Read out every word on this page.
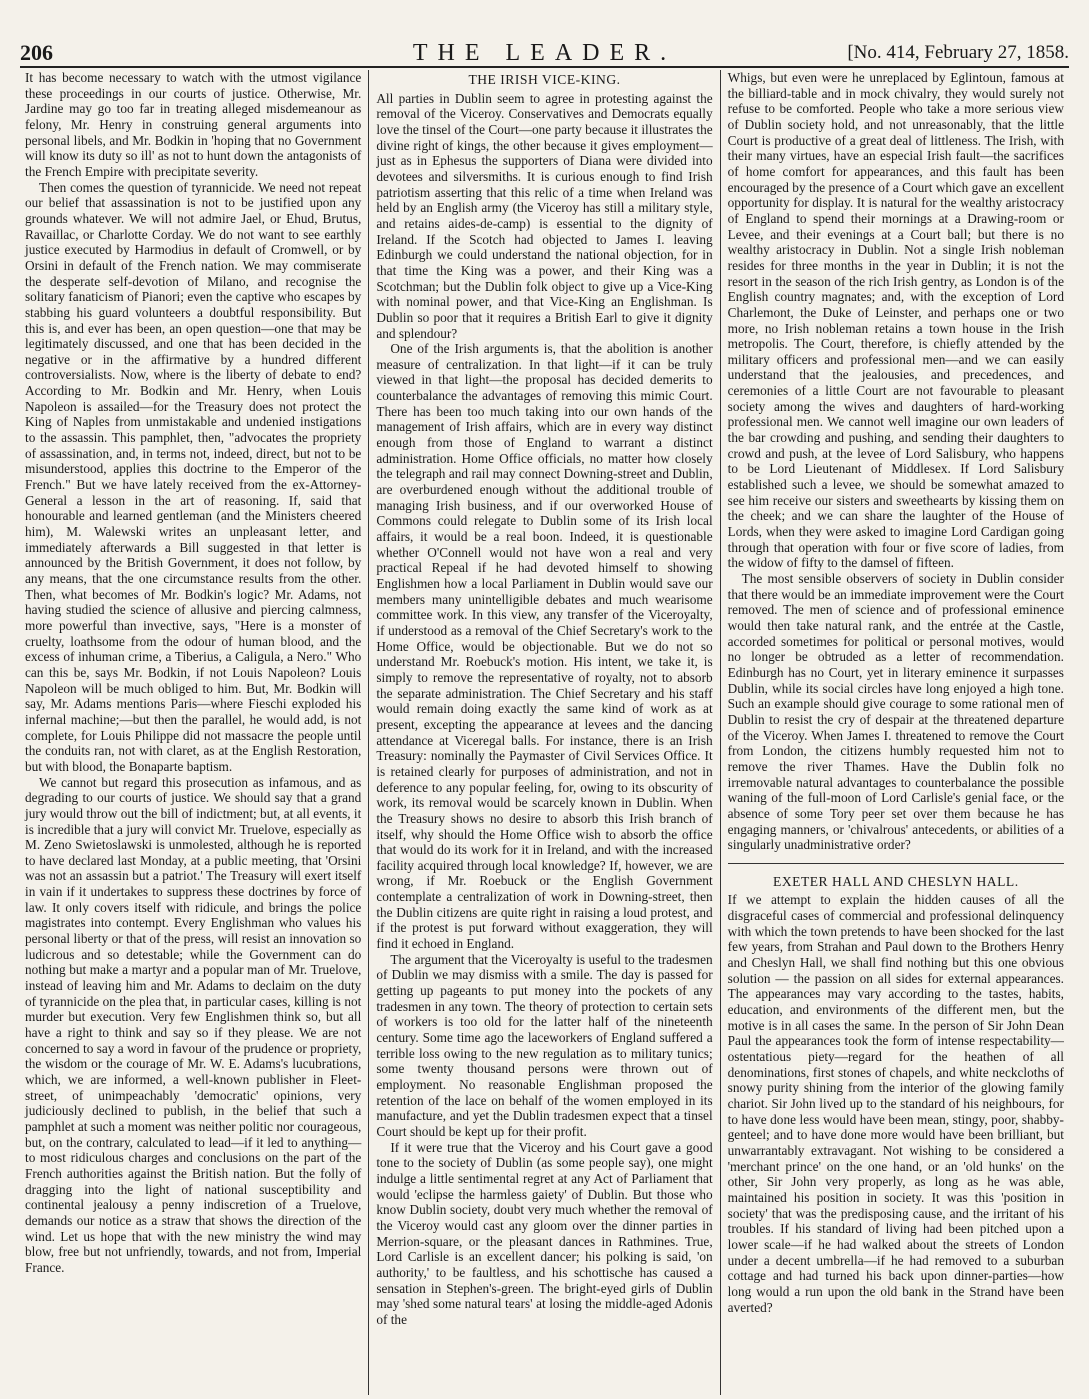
206	THE LEADER.	[No. 414, February 27, 1858.

It has become necessary to watch with the utmost vigilance these proceedings in our courts of justice. Otherwise, Mr. Jardine may go too far in treating alleged misdemeanour as felony, Mr. Henry in construing general arguments into personal libels, and Mr. Bodkin in 'hoping that no Government will know its duty so ill' as not to hunt down the antagonists of the French Empire with precipitate severity.

Then comes the question of tyrannicide. We need not repeat our belief that assassination is not to be justified upon any grounds whatever. We will not admire Jael, or Ehud, Brutus, Ravaillac, or Charlotte Corday. We do not want to see earthly justice executed by Harmodius in default of Cromwell, or by Orsini in default of the French nation. We may commiserate the desperate self-devotion of Milano, and recognise the solitary fanaticism of Pianori; even the captive who escapes by stabbing his guard volunteers a doubtful responsibility. But this is, and ever has been, an open question—one that may be legitimately discussed, and one that has been decided in the negative or in the affirmative by a hundred different controversialists. Now, where is the liberty of debate to end? According to Mr. Bodkin and Mr. Henry, when Louis Napoleon is assailed—for the Treasury does not protect the King of Naples from unmistakable and undenied instigations to the assassin. This pamphlet, then, "advocates the propriety of assassination, and, in terms not, indeed, direct, but not to be misunderstood, applies this doctrine to the Emperor of the French." But we have lately received from the ex-Attorney-General a lesson in the art of reasoning. If, said that honourable and learned gentleman (and the Ministers cheered him), M. Walewski writes an unpleasant letter, and immediately afterwards a Bill suggested in that letter is announced by the British Government, it does not follow, by any means, that the one circumstance results from the other. Then, what becomes of Mr. Bodkin's logic? Mr. Adams, not having studied the science of allusive and piercing calmness, more powerful than invective, says, "Here is a monster of cruelty, loathsome from the odour of human blood, and the excess of inhuman crime, a Tiberius, a Caligula, a Nero." Who can this be, says Mr. Bodkin, if not Louis Napoleon? Louis Napoleon will be much obliged to him. But, Mr. Bodkin will say, Mr. Adams mentions Paris—where Fieschi exploded his infernal machine;—but then the parallel, he would add, is not complete, for Louis Philippe did not massacre the people until the conduits ran, not with claret, as at the English Restoration, but with blood, the Bonaparte baptism.

We cannot but regard this prosecution as infamous, and as degrading to our courts of justice. We should say that a grand jury would throw out the bill of indictment; but, at all events, it is incredible that a jury will convict Mr. Truelove, especially as M. Zeno Swietoslawski is unmolested, although he is reported to have declared last Monday, at a public meeting, that 'Orsini was not an assassin but a patriot.' The Treasury will exert itself in vain if it undertakes to suppress these doctrines by force of law. It only covers itself with ridicule, and brings the police magistrates into contempt. Every Englishman who values his personal liberty or that of the press, will resist an innovation so ludicrous and so detestable; while the Government can do nothing but make a martyr and a popular man of Mr. Truelove, instead of leaving him and Mr. Adams to declaim on the duty of tyrannicide on the plea that, in particular cases, killing is not murder but execution. Very few Englishmen think so, but all have a right to think and say so if they please. We are not concerned to say a word in favour of the prudence or propriety, the wisdom or the courage of Mr. W. E. Adams's lucubrations, which, we are informed, a well-known publisher in Fleet-street, of unimpeachably 'democratic' opinions, very judiciously declined to publish, in the belief that such a pamphlet at such a moment was neither politic nor courageous, but, on the contrary, calculated to lead—if it led to anything—to most ridiculous charges and conclusions on the part of the French authorities against the British nation. But the folly of dragging into the light of national susceptibility and continental jealousy a penny indiscretion of a Truelove, demands our notice as a straw that shows the direction of the wind. Let us hope that with the new ministry the wind may blow, free but not unfriendly, towards, and not from, Imperial France.

THE IRISH VICE-KING.

All parties in Dublin seem to agree in protesting against the removal of the Viceroy. Conservatives and Democrats equally love the tinsel of the Court—one party because it illustrates the divine right of kings, the other because it gives employment—just as in Ephesus the supporters of Diana were divided into devotees and silversmiths. It is curious enough to find Irish patriotism asserting that this relic of a time when Ireland was held by an English army (the Viceroy has still a military style, and retains aides-de-camp) is essential to the dignity of Ireland. If the Scotch had objected to James I. leaving Edinburgh we could understand the national objection, for in that time the King was a power, and their King was a Scotchman; but the Dublin folk object to give up a Vice-King with nominal power, and that Vice-King an Englishman. Is Dublin so poor that it requires a British Earl to give it dignity and splendour?

One of the Irish arguments is, that the abolition is another measure of centralization. In that light—if it can be truly viewed in that light—the proposal has decided demerits to counterbalance the advantages of removing this mimic Court. There has been too much taking into our own hands of the management of Irish affairs, which are in every way distinct enough from those of England to warrant a distinct administration. Home Office officials, no matter how closely the telegraph and rail may connect Downing-street and Dublin, are overburdened enough without the additional trouble of managing Irish business, and if our overworked House of Commons could relegate to Dublin some of its Irish local affairs, it would be a real boon. Indeed, it is questionable whether O'Connell would not have won a real and very practical Repeal if he had devoted himself to showing Englishmen how a local Parliament in Dublin would save our members many unintelligible debates and much wearisome committee work. In this view, any transfer of the Viceroyalty, if understood as a removal of the Chief Secretary's work to the Home Office, would be objectionable. But we do not so understand Mr. Roebuck's motion. His intent, we take it, is simply to remove the representative of royalty, not to absorb the separate administration. The Chief Secretary and his staff would remain doing exactly the same kind of work as at present, excepting the appearance at levees and the dancing attendance at Viceregal balls. For instance, there is an Irish Treasury: nominally the Paymaster of Civil Services Office. It is retained clearly for purposes of administration, and not in deference to any popular feeling, for, owing to its obscurity of work, its removal would be scarcely known in Dublin. When the Treasury shows no desire to absorb this Irish branch of itself, why should the Home Office wish to absorb the office that would do its work for it in Ireland, and with the increased facility acquired through local knowledge? If, however, we are wrong, if Mr. Roebuck or the English Government contemplate a centralization of work in Downing-street, then the Dublin citizens are quite right in raising a loud protest, and if the protest is put forward without exaggeration, they will find it echoed in England.

The argument that the Viceroyalty is useful to the tradesmen of Dublin we may dismiss with a smile. The day is passed for getting up pageants to put money into the pockets of any tradesmen in any town. The theory of protection to certain sets of workers is too old for the latter half of the nineteenth century. Some time ago the laceworkers of England suffered a terrible loss owing to the new regulation as to military tunics; some twenty thousand persons were thrown out of employment. No reasonable Englishman proposed the retention of the lace on behalf of the women employed in its manufacture, and yet the Dublin tradesmen expect that a tinsel Court should be kept up for their profit.

If it were true that the Viceroy and his Court gave a good tone to the society of Dublin (as some people say), one might indulge a little sentimental regret at any Act of Parliament that would 'eclipse the harmless gaiety' of Dublin. But those who know Dublin society, doubt very much whether the removal of the Viceroy would cast any gloom over the dinner parties in Merrion-square, or the pleasant dances in Rathmines. True, Lord Carlisle is an excellent dancer; his polking is said, 'on authority,' to be faultless, and his schottische has caused a sensation in Stephen's-green. The bright-eyed girls of Dublin may 'shed some natural tears' at losing the middle-aged Adonis of the

Whigs, but even were he unreplaced by Eglintoun, famous at the billiard-table and in mock chivalry, they would surely not refuse to be comforted. People who take a more serious view of Dublin society hold, and not unreasonably, that the little Court is productive of a great deal of littleness. The Irish, with their many virtues, have an especial Irish fault—the sacrifices of home comfort for appearances, and this fault has been encouraged by the presence of a Court which gave an excellent opportunity for display. It is natural for the wealthy aristocracy of England to spend their mornings at a Drawing-room or Levee, and their evenings at a Court ball; but there is no wealthy aristocracy in Dublin. Not a single Irish nobleman resides for three months in the year in Dublin; it is not the resort in the season of the rich Irish gentry, as London is of the English country magnates; and, with the exception of Lord Charlemont, the Duke of Leinster, and perhaps one or two more, no Irish nobleman retains a town house in the Irish metropolis. The Court, therefore, is chiefly attended by the military officers and professional men—and we can easily understand that the jealousies, and precedences, and ceremonies of a little Court are not favourable to pleasant society among the wives and daughters of hard-working professional men. We cannot well imagine our own leaders of the bar crowding and pushing, and sending their daughters to crowd and push, at the levee of Lord Salisbury, who happens to be Lord Lieutenant of Middlesex. If Lord Salisbury established such a levee, we should be somewhat amazed to see him receive our sisters and sweethearts by kissing them on the cheek; and we can share the laughter of the House of Lords, when they were asked to imagine Lord Cardigan going through that operation with four or five score of ladies, from the widow of fifty to the damsel of fifteen.

The most sensible observers of society in Dublin consider that there would be an immediate improvement were the Court removed. The men of science and of professional eminence would then take natural rank, and the entrée at the Castle, accorded sometimes for political or personal motives, would no longer be obtruded as a letter of recommendation. Edinburgh has no Court, yet in literary eminence it surpasses Dublin, while its social circles have long enjoyed a high tone. Such an example should give courage to some rational men of Dublin to resist the cry of despair at the threatened departure of the Viceroy. When James I. threatened to remove the Court from London, the citizens humbly requested him not to remove the river Thames. Have the Dublin folk no irremovable natural advantages to counterbalance the possible waning of the full-moon of Lord Carlisle's genial face, or the absence of some Tory peer set over them because he has engaging manners, or 'chivalrous' antecedents, or abilities of a singularly unadministrative order?

EXETER HALL AND CHESLYN HALL.

If we attempt to explain the hidden causes of all the disgraceful cases of commercial and professional delinquency with which the town pretends to have been shocked for the last few years, from Strahan and Paul down to the Brothers Henry and Cheslyn Hall, we shall find nothing but this one obvious solution — the passion on all sides for external appearances. The appearances may vary according to the tastes, habits, education, and environments of the different men, but the motive is in all cases the same. In the person of Sir John Dean Paul the appearances took the form of intense respectability—ostentatious piety—regard for the heathen of all denominations, first stones of chapels, and white neckcloths of snowy purity shining from the interior of the glowing family chariot. Sir John lived up to the standard of his neighbours, for to have done less would have been mean, stingy, poor, shabby-genteel; and to have done more would have been brilliant, but unwarrantably extravagant. Not wishing to be considered a 'merchant prince' on the one hand, or an 'old hunks' on the other, Sir John very properly, as long as he was able, maintained his position in society. It was this 'position in society' that was the predisposing cause, and the irritant of his troubles. If his standard of living had been pitched upon a lower scale—if he had walked about the streets of London under a decent umbrella—if he had removed to a suburban cottage and had turned his back upon dinner-parties—how long would a run upon the old bank in the Strand have been averted?
